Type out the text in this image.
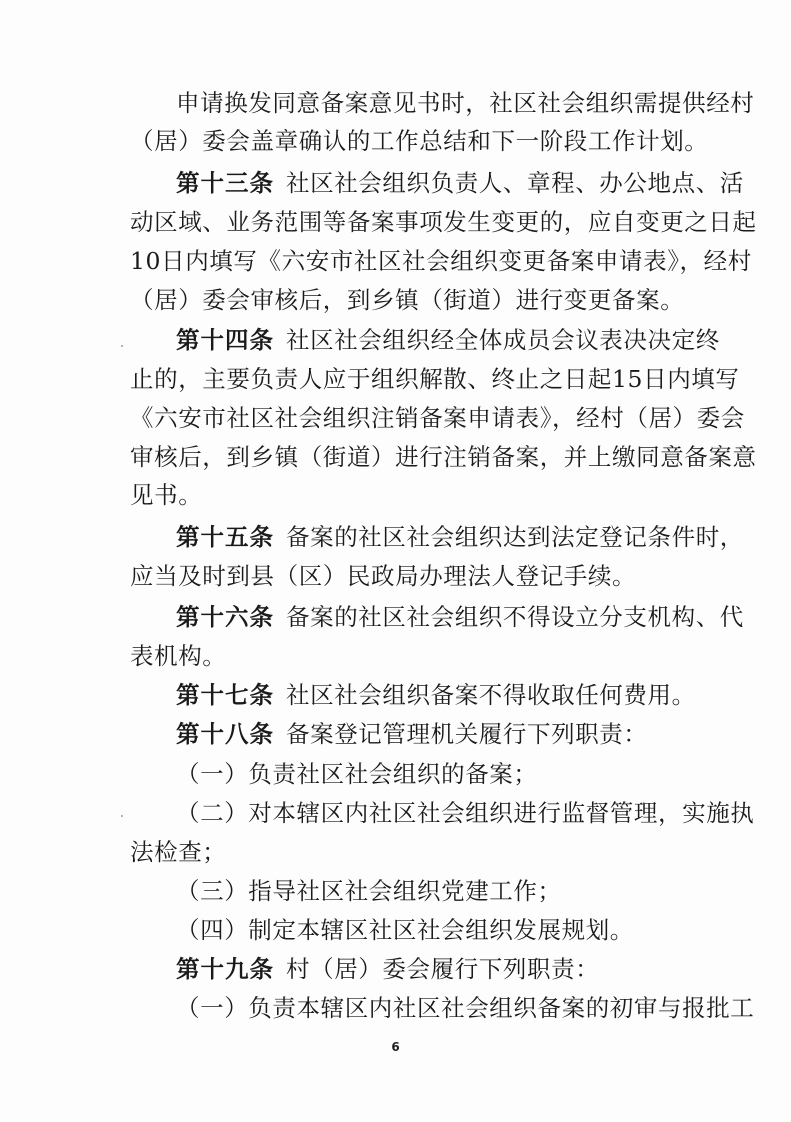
申请换发同意备案意见书时，社区社会组织需提供经村
（居）委会盖章确认的工作总结和下一阶段工作计划。
第十三条 社区社会组织负责人、章程、办公地点、活
动区域、业务范围等备案事项发生变更的，应自变更之日起
10日内填写《六安市社区社会组织变更备案申请表》，经村
（居）委会审核后，到乡镇（街道）进行变更备案。
第十四条 社区社会组织经全体成员会议表决决定终
止的，主要负责人应于组织解散、终止之日起15日内填写
《六安市社区社会组织注销备案申请表》，经村（居）委会
审核后，到乡镇（街道）进行注销备案，并上缴同意备案意
见书。
第十五条 备案的社区社会组织达到法定登记条件时，
应当及时到县（区）民政局办理法人登记手续。
第十六条 备案的社区社会组织不得设立分支机构、代
表机构。
第十七条 社区社会组织备案不得收取任何费用。
第十八条 备案登记管理机关履行下列职责：
（一）负责社区社会组织的备案；
（二）对本辖区内社区社会组织进行监督管理，实施执
法检查；
（三）指导社区社会组织党建工作；
（四）制定本辖区社区社会组织发展规划。
第十九条 村（居）委会履行下列职责：
（一）负责本辖区内社区社会组织备案的初审与报批工
6
